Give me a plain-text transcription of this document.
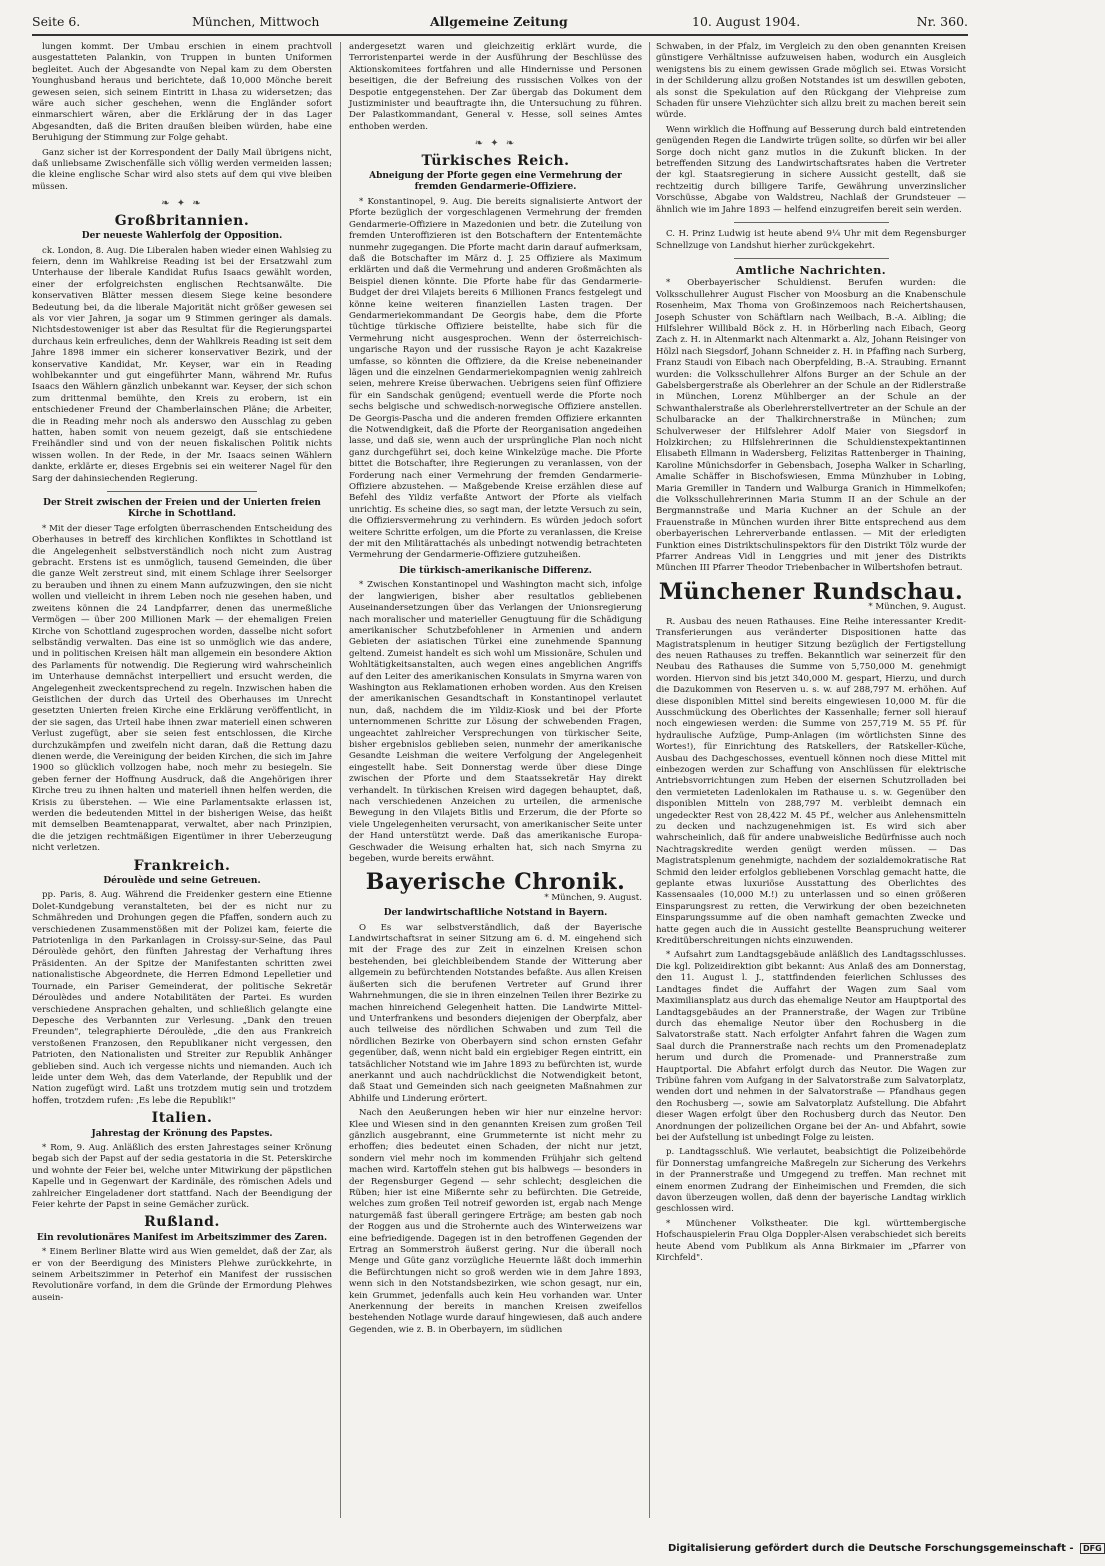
Seite 6.	München, Mittwoch	Allgemeine Zeitung	10. August 1904.	Nr. 360.

lungen kommt. Der Umbau erschien in einem prachtvoll ausgestatteten Palankin, von Truppen in bunten Uniformen begleitet. Auch der Abgesandte von Nepal kam zu dem Obersten Younghusband heraus und berichtete, daß 10,000 Mönche bereit gewesen seien, sich seinem Eintritt in Lhasa zu widersetzen; das wäre auch sicher geschehen, wenn die Engländer sofort einmarschiert wären, aber die Erklärung der in das Lager Abgesandten, daß die Briten draußen bleiben würden, habe eine Beruhigung der Stimmung zur Folge gehabt.

Ganz sicher ist der Korrespondent der Daily Mail übrigens nicht, daß unliebsame Zwischenfälle sich völlig werden vermeiden lassen; die kleine englische Schar wird also stets auf dem qui vive bleiben müssen.

❧ ✦ ❧
Großbritannien.
Der neueste Wahlerfolg der Opposition.

ck. London, 8. Aug. Die Liberalen haben wieder einen Wahlsieg zu feiern, denn im Wahlkreise Reading ist bei der Ersatzwahl zum Unterhause der liberale Kandidat Rufus Isaacs gewählt worden, einer der erfolgreichsten englischen Rechtsanwälte. Die konservativen Blätter messen diesem Siege keine besondere Bedeutung bei, da die liberale Majorität nicht größer gewesen sei als vor vier Jahren, ja sogar um 9 Stimmen geringer als damals. Nichtsdestoweniger ist aber das Resultat für die Regierungspartei durchaus kein erfreuliches, denn der Wahlkreis Reading ist seit dem Jahre 1898 immer ein sicherer konservativer Bezirk, und der konservative Kandidat, Mr. Keyser, war ein in Reading wohlbekannter und gut eingeführter Mann, während Mr. Rufus Isaacs den Wählern gänzlich unbekannt war. Keyser, der sich schon zum drittenmal bemühte, den Kreis zu erobern, ist ein entschiedener Freund der Chamberlainschen Pläne; die Arbeiter, die in Reading mehr noch als anderswo den Ausschlag zu geben hatten, haben somit von neuem gezeigt, daß sie entschiedene Freihändler sind und von der neuen fiskalischen Politik nichts wissen wollen. In der Rede, in der Mr. Isaacs seinen Wählern dankte, erklärte er, dieses Ergebnis sei ein weiterer Nagel für den Sarg der dahinsiechenden Regierung.

Der Streit zwischen der Freien und der Unierten freien Kirche in Schottland.

* Mit der dieser Tage erfolgten überraschenden Entscheidung des Oberhauses in betreff des kirchlichen Konfliktes in Schottland ist die Angelegenheit selbstverständlich noch nicht zum Austrag gebracht. Erstens ist es unmöglich, tausend Gemeinden, die über die ganze Welt zerstreut sind, mit einem Schlage ihrer Seelsorger zu berauben und ihnen zu einem Mann aufzuzwingen, den sie nicht wollen und vielleicht in ihrem Leben noch nie gesehen haben, und zweitens können die 24 Landpfarrer, denen das unermeßliche Vermögen — über 200 Millionen Mark — der ehemaligen Freien Kirche von Schottland zugesprochen worden, dasselbe nicht sofort selbständig verwalten. Das eine ist so unmöglich wie das andere, und in politischen Kreisen hält man allgemein ein besondere Aktion des Parlaments für notwendig. Die Regierung wird wahrscheinlich im Unterhause demnächst interpelliert und ersucht werden, die Angelegenheit zweckentsprechend zu regeln. Inzwischen haben die Geistlichen der durch das Urteil des Oberhauses im Unrecht gesetzten Unierten freien Kirche eine Erklärung veröffentlicht, in der sie sagen, das Urteil habe ihnen zwar materiell einen schweren Verlust zugefügt, aber sie seien fest entschlossen, die Kirche durchzukämpfen und zweifeln nicht daran, daß die Rettung dazu dienen werde, die Vereinigung der beiden Kirchen, die sich im Jahre 1900 so glücklich vollzogen habe, noch mehr zu besiegeln. Sie geben ferner der Hoffnung Ausdruck, daß die Angehörigen ihrer Kirche treu zu ihnen halten und materiell ihnen helfen werden, die Krisis zu überstehen. — Wie eine Parlamentsakte erlassen ist, werden die bedeutenden Mittel in der bisherigen Weise, das heißt mit demselben Beamtenapparat, verwaltet, aber nach Prinzipien, die die jetzigen rechtmäßigen Eigentümer in ihrer Ueberzeugung nicht verletzen.

Frankreich.
Déroulède und seine Getreuen.

pp. Paris, 8. Aug. Während die Freidenker gestern eine Etienne Dolet-Kundgebung veranstalteten, bei der es nicht nur zu Schmähreden und Drohungen gegen die Pfaffen, sondern auch zu verschiedenen Zusammenstößen mit der Polizei kam, feierte die Patriotenliga in den Parkanlagen in Croissy-sur-Seine, das Paul Déroulède gehört, den fünften Jahrestag der Verhaftung ihres Präsidenten. An der Spitze der Manifestanten schritten zwei nationalistische Abgeordnete, die Herren Edmond Lepelletier und Tournade, ein Pariser Gemeinderat, der politische Sekretär Déroulèdes und andere Notabilitäten der Partei. Es wurden verschiedene Ansprachen gehalten, und schließlich gelangte eine Depesche des Verbannten zur Verlesung. „Dank den treuen Freunden", telegraphierte Déroulède, „die den aus Frankreich verstoßenen Franzosen, den Republikaner nicht vergessen, den Patrioten, den Nationalisten und Streiter zur Republik Anhänger geblieben sind. Auch ich vergesse nichts und niemanden. Auch ich leide unter dem Weh, das dem Vaterlande, der Republik und der Nation zugefügt wird. Laßt uns trotzdem mutig sein und trotzdem hoffen, trotzdem rufen: ‚Es lebe die Republik!"

Italien.
Jahrestag der Krönung des Papstes.

* Rom, 9. Aug. Anläßlich des ersten Jahrestages seiner Krönung begab sich der Papst auf der sedia gestatoria in die St. Peterskirche und wohnte der Feier bei, welche unter Mitwirkung der päpstlichen Kapelle und in Gegenwart der Kardinäle, des römischen Adels und zahlreicher Eingeladener dort stattfand. Nach der Beendigung der Feier kehrte der Papst in seine Gemächer zurück.

Rußland.
Ein revolutionäres Manifest im Arbeitszimmer des Zaren.

* Einem Berliner Blatte wird aus Wien gemeldet, daß der Zar, als er von der Beerdigung des Ministers Plehwe zurückkehrte, in seinem Arbeitszimmer in Peterhof ein Manifest der russischen Revolutionäre vorfand, in dem die Gründe der Ermordung Plehwes ausein-

andergesetzt waren und gleichzeitig erklärt wurde, die Terroristenpartei werde in der Ausführung der Beschlüsse des Aktionskomitees fortfahren und alle Hindernisse und Personen beseitigen, die der Befreiung des russischen Volkes von der Despotie entgegenstehen. Der Zar übergab das Dokument dem Justizminister und beauftragte ihn, die Untersuchung zu führen. Der Palastkommandant, General v. Hesse, soll seines Amtes enthoben werden.

❧ ✦ ❧
Türkisches Reich.
Abneigung der Pforte gegen eine Vermehrung der fremden Gendarmerie-Offiziere.

* Konstantinopel, 9. Aug. Die bereits signalisierte Antwort der Pforte bezüglich der vorgeschlagenen Vermehrung der fremden Gendarmerie-Offiziere in Mazedonien und betr. die Zuteilung von fremden Unteroffizieren ist den Botschaftern der Ententemächte nunmehr zugegangen. Die Pforte macht darin darauf aufmerksam, daß die Botschafter im März d. J. 25 Offiziere als Maximum erklärten und daß die Vermehrung und anderen Großmächten als Beispiel dienen könnte. Die Pforte habe für das Gendarmerie-Budget der drei Vilajets bereits 6 Millionen Francs festgelegt und könne keine weiteren finanziellen Lasten tragen. Der Gendarmeriekommandant De Georgis habe, dem die Pforte tüchtige türkische Offiziere beistellte, habe sich für die Vermehrung nicht ausgesprochen. Wenn der österreichisch-ungarische Rayon und der russische Rayon je acht Kazakreise umfasse, so könnten die Offiziere, da die Kreise nebeneinander lägen und die einzelnen Gendarmeriekompagnien wenig zahlreich seien, mehrere Kreise überwachen. Uebrigens seien fünf Offiziere für ein Sandschak genügend; eventuell werde die Pforte noch sechs belgische und schwedisch-norwegische Offiziere anstellen. De Georgis-Pascha und die anderen fremden Offiziere erkannten die Notwendigkeit, daß die Pforte der Reorganisation angedeihen lasse, und daß sie, wenn auch der ursprüngliche Plan noch nicht ganz durchgeführt sei, doch keine Winkelzüge mache. Die Pforte bittet die Botschafter, ihre Regierungen zu veranlassen, von der Forderung nach einer Vermehrung der fremden Gendarmerie-Offiziere abzustehen. — Maßgebende Kreise erzählen diese auf Befehl des Yildiz verfaßte Antwort der Pforte als vielfach unrichtig. Es scheine dies, so sagt man, der letzte Versuch zu sein, die Offiziersvermehrung zu verhindern. Es würden jedoch sofort weitere Schritte erfolgen, um die Pforte zu veranlassen, die Kreise der mit den Militärattachés als unbedingt notwendig betrachteten Vermehrung der Gendarmerie-Offiziere gutzuheißen.

Die türkisch-amerikanische Differenz.

* Zwischen Konstantinopel und Washington macht sich, infolge der langwierigen, bisher aber resultatlos gebliebenen Auseinandersetzungen über das Verlangen der Unionsregierung nach moralischer und materieller Genugtuung für die Schädigung amerikanischer Schutzbefohlener in Armenien und andern Gebieten der asiatischen Türkei eine zunehmende Spannung geltend. Zumeist handelt es sich wohl um Missionäre, Schulen und Wohltätigkeitsanstalten, auch wegen eines angeblichen Angriffs auf den Leiter des amerikanischen Konsulats in Smyrna waren von Washington aus Reklamationen erhoben worden. Aus den Kreisen der amerikanischen Gesandtschaft in Konstantinopel verlautet nun, daß, nachdem die im Yildiz-Kiosk und bei der Pforte unternommenen Schritte zur Lösung der schwebenden Fragen, ungeachtet zahlreicher Versprechungen von türkischer Seite, bisher ergebnislos geblieben seien, nunmehr der amerikanische Gesandte Leishman die weitere Verfolgung der Angelegenheit eingestellt habe. Seit Donnerstag werde über diese Dinge zwischen der Pforte und dem Staatssekretär Hay direkt verhandelt. In türkischen Kreisen wird dagegen behauptet, daß, nach verschiedenen Anzeichen zu urteilen, die armenische Bewegung in den Vilajets Bitlis und Erzerum, die der Pforte so viele Ungelegenheiten verursacht, von amerikanischer Seite unter der Hand unterstützt werde. Daß das amerikanische Europa-Geschwader die Weisung erhalten hat, sich nach Smyrna zu begeben, wurde bereits erwähnt.

Bayerische Chronik.
* München, 9. August.
Der landwirtschaftliche Notstand in Bayern.

O Es war selbstverständlich, daß der Bayerische Landwirtschaftsrat in seiner Sitzung am 6. d. M. eingehend sich mit der Frage des zur Zeit in einzelnen Kreisen schon bestehenden, bei gleichbleibendem Stande der Witterung aber allgemein zu befürchtenden Notstandes befaßte. Aus allen Kreisen äußerten sich die berufenen Vertreter auf Grund ihrer Wahrnehmungen, die sie in ihren einzelnen Teilen ihrer Bezirke zu machen hinreichend Gelegenheit hatten. Die Landwirte Mittel- und Unterfrankens und besonders diejenigen der Oberpfalz, aber auch teilweise des nördlichen Schwaben und zum Teil die nördlichen Bezirke von Oberbayern sind schon ernsten Gefahr gegenüber, daß, wenn nicht bald ein ergiebiger Regen eintritt, ein tatsächlicher Notstand wie im Jahre 1893 zu befürchten ist, wurde anerkannt und auch nachdrücklichst die Notwendigkeit betont, daß Staat und Gemeinden sich nach geeigneten Maßnahmen zur Abhilfe und Linderung erörtert.

Nach den Aeußerungen heben wir hier nur einzelne hervor: Klee und Wiesen sind in den genannten Kreisen zum großen Teil gänzlich ausgebrannt, eine Grummeternte ist nicht mehr zu erhoffen; dies bedeutet einen Schaden, der nicht nur jetzt, sondern viel mehr noch im kommenden Frühjahr sich geltend machen wird. Kartoffeln stehen gut bis halbwegs — besonders in der Regensburger Gegend — sehr schlecht; desgleichen die Rüben; hier ist eine Mißernte sehr zu befürchten. Die Getreide, welches zum großen Teil notreif geworden ist, ergab nach Menge naturgemäß fast überall geringere Erträge; am besten gab noch der Roggen aus und die Strohernte auch des Winterweizens war eine befriedigende. Dagegen ist in den betroffenen Gegenden der Ertrag an Sommerstroh äußerst gering. Nur die überall noch Menge und Güte ganz vorzügliche Heuernte läßt doch immerhin die Befürchtungen nicht so groß werden wie in dem Jahre 1893, wenn sich in den Notstandsbezirken, wie schon gesagt, nur ein, kein Grummet, jedenfalls auch kein Heu vorhanden war. Unter Anerkennung der bereits in manchen Kreisen zweifellos bestehenden Notlage wurde darauf hingewiesen, daß auch andere Gegenden, wie z. B. in Oberbayern, im südlichen

Schwaben, in der Pfalz, im Vergleich zu den oben genannten Kreisen günstigere Verhältnisse aufzuweisen haben, wodurch ein Ausgleich wenigstens bis zu einem gewissen Grade möglich sei. Etwas Vorsicht in der Schilderung allzu großen Notstandes ist um deswillen geboten, als sonst die Spekulation auf den Rückgang der Viehpreise zum Schaden für unsere Viehzüchter sich allzu breit zu machen bereit sein würde.

Wenn wirklich die Hoffnung auf Besserung durch bald eintretenden genügenden Regen die Landwirte trügen sollte, so dürfen wir bei aller Sorge doch nicht ganz mutlos in die Zukunft blicken. In der betreffenden Sitzung des Landwirtschaftsrates haben die Vertreter der kgl. Staatsregierung in sichere Aussicht gestellt, daß sie rechtzeitig durch billigere Tarife, Gewährung unverzinslicher Vorschüsse, Abgabe von Waldstreu, Nachlaß der Grundsteuer — ähnlich wie im Jahre 1893 — helfend einzugreifen bereit sein werden.

C. H. Prinz Ludwig ist heute abend 9¼ Uhr mit dem Regensburger Schnellzuge von Landshut hierher zurückgekehrt.

Amtliche Nachrichten.

* Oberbayerischer Schuldienst. Berufen wurden: die Volksschullehrer August Fischer von Moosburg an die Knabenschule Rosenheim, Max Thoma von Großinzemoos nach Reichertshausen, Joseph Schuster von Schäftlarn nach Weilbach, B.-A. Aibling; die Hilfslehrer Willibald Böck z. H. in Hörberling nach Eibach, Georg Zach z. H. in Altenmarkt nach Altenmarkt a. Alz, Johann Reisinger von Hölzl nach Siegsdorf, Johann Schneider z. H. in Pfaffing nach Surberg, Franz Staudi von Eibach nach Oberpfelding, B.-A. Straubing. Ernannt wurden: die Volksschullehrer Alfons Burger an der Schule an der Gabelsbergerstraße als Oberlehrer an der Schule an der Ridlerstraße in München, Lorenz Mühlberger an der Schule an der Schwanthalerstraße als Oberlehrerstellvertreter an der Schule an der Schulbaracke an der Thalkirchnerstraße in München; zum Schulverweser der Hilfslehrer Adolf Maier von Siegsdorf in Holzkirchen; zu Hilfslehrerinnen die Schuldienstexpektantinnen Elisabeth Ellmann in Wadersberg, Felizitas Rattenberger in Thaining, Karoline Münichsdorfer in Gebensbach, Josepha Walker in Scharling, Amalie Schäffer in Bischofswiesen, Emma Münzhuber in Lobing, Maria Gremiller in Tandern und Walburga Granich in Himmelkofen; die Volksschullehrerinnen Maria Stumm II an der Schule an der Bergmannstraße und Maria Kuchner an der Schule an der Frauenstraße in München wurden ihrer Bitte entsprechend aus dem oberbayerischen Lehrerverbande entlassen. — Mit der erledigten Funktion eines Distriktschulinspektors für den Distrikt Tölz wurde der Pfarrer Andreas Vidl in Lenggries und mit jener des Distrikts München III Pfarrer Theodor Triebenbacher in Wilbertshofen betraut.

Münchener Rundschau.
* München, 9. August.

R. Ausbau des neuen Rathauses. Eine Reihe interessanter Kredit-Transferierungen aus veränderter Dispositionen hatte das Magistratsplenum in heutiger Sitzung bezüglich der Fertigstellung des neuen Rathauses zu treffen. Bekanntlich war seinerzeit für den Neubau des Rathauses die Summe von 5,750,000 M. genehmigt worden. Hiervon sind bis jetzt 340,000 M. gespart, Hierzu, und durch die Dazukommen von Reserven u. s. w. auf 288,797 M. erhöhen. Auf diese disponiblen Mittel sind bereits eingewiesen 10,000 M. für die Ausschmückung des Oberlichtes der Kassenhalle; ferner soll hierauf noch eingewiesen werden: die Summe von 257,719 M. 55 Pf. für hydraulische Aufzüge, Pump-Anlagen (im wörtlichsten Sinne des Wortes!), für Einrichtung des Ratskellers, der Ratskeller-Küche, Ausbau des Dachgeschosses, eventuell können noch diese Mittel mit einbezogen werden zur Schaffung von Anschlüssen für elektrische Antriebsvorrichtungen zum Heben der eisernen Schutzrolladen bei den vermieteten Ladenlokalen im Rathause u. s. w. Gegenüber den disponiblen Mitteln von 288,797 M. verbleibt demnach ein ungedeckter Rest von 28,422 M. 45 Pf., welcher aus Anlehensmitteln zu decken und nachzugenehmigen ist. Es wird sich aber wahrscheinlich, daß für andere unabweisliche Bedürfnisse auch noch Nachtragskredite werden genügt werden müssen. — Das Magistratsplenum genehmigte, nachdem der sozialdemokratische Rat Schmid den leider erfolglos gebliebenen Vorschlag gemacht hatte, die geplante etwas luxuriöse Ausstattung des Oberlichtes des Kassensaales (10,000 M.!) zu unterlassen und so einen größeren Einsparungsrest zu retten, die Verwirkung der oben bezeichneten Einsparungssumme auf die oben namhaft gemachten Zwecke und hatte gegen auch die in Aussicht gestellte Beanspruchung weiterer Kreditüberschreitungen nichts einzuwenden.

* Aufsahrt zum Landtagsgebäude anläßlich des Landtagsschlusses. Die kgl. Polizeidirektion gibt bekannt: Aus Anlaß des am Donnerstag, den 11. August l. J., stattfindenden feierlichen Schlusses des Landtages findet die Auffahrt der Wagen zum Saal vom Maximiliansplatz aus durch das ehemalige Neutor am Hauptportal des Landtagsgebäudes an der Prannerstraße, der Wagen zur Tribüne durch das ehemalige Neutor über den Rochusberg in die Salvatorstraße statt. Nach erfolgter Anfahrt fahren die Wagen zum Saal durch die Prannerstraße nach rechts um den Promenadeplatz herum und durch die Promenade- und Prannerstraße zum Hauptportal. Die Abfahrt erfolgt durch das Neutor. Die Wagen zur Tribüne fahren vom Aufgang in der Salvatorstraße zum Salvatorplatz, wenden dort und nehmen in der Salvatorstraße — Pfandhaus gegen den Rochusberg —, sowie am Salvatorplatz Aufstellung. Die Abfahrt dieser Wagen erfolgt über den Rochusberg durch das Neutor. Den Anordnungen der polizeilichen Organe bei der An- und Abfahrt, sowie bei der Aufstellung ist unbedingt Folge zu leisten.

p. Landtagsschluß. Wie verlautet, beabsichtigt die Polizeibehörde für Donnerstag umfangreiche Maßregeln zur Sicherung des Verkehrs in der Prannerstraße und Umgegend zu treffen. Man rechnet mit einem enormen Zudrang der Einheimischen und Fremden, die sich davon überzeugen wollen, daß denn der bayerische Landtag wirklich geschlossen wird.

* Münchener Volkstheater. Die kgl. württembergische Hofschauspielerin Frau Olga Doppler-Alsen verabschiedet sich bereits heute Abend vom Publikum als Anna Birkmaier im „Pfarrer von Kirchfeld".

Digitalisierung gefördert durch die Deutsche Forschungsgemeinschaft - DFG
